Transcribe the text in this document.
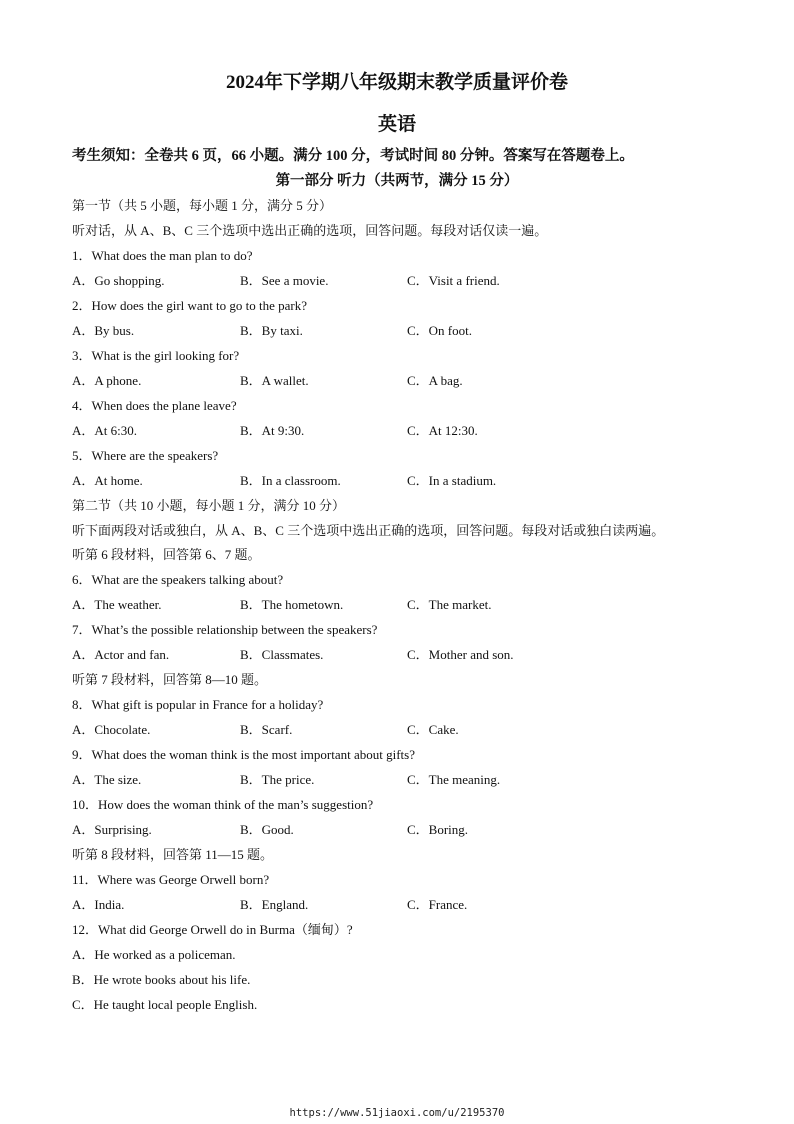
2024年下学期八年级期末教学质量评价卷
英语
考生须知：全卷共 6 页，66 小题。满分 100 分，考试时间 80 分钟。答案写在答题卷上。
第一部分 听力（共两节，满分 15 分）
第一节（共 5 小题，每小题 1 分，满分 5 分）
听对话，从 A、B、C 三个选项中选出正确的选项，回答问题。每段对话仅读一遍。
1．What does the man plan to do?
A．Go shopping.	B．See a movie.	C．Visit a friend.
2．How does the girl want to go to the park?
A．By bus.	B．By taxi.	C．On foot.
3．What is the girl looking for?
A．A phone.	B．A wallet.	C．A bag.
4．When does the plane leave?
A．At 6:30.	B．At 9:30.	C．At 12:30.
5．Where are the speakers?
A．At home.	B．In a classroom.	C．In a stadium.
第二节（共 10 小题，每小题 1 分，满分 10 分）
听下面两段对话或独白，从 A、B、C 三个选项中选出正确的选项，回答问题。每段对话或独白读两遍。
听第 6 段材料，回答第 6、7 题。
6．What are the speakers talking about?
A．The weather.	B．The hometown.	C．The market.
7．What’s the possible relationship between the speakers?
A．Actor and fan.	B．Classmates.	C．Mother and son.
听第 7 段材料，回答第 8—10 题。
8．What gift is popular in France for a holiday?
A．Chocolate.	B．Scarf.	C．Cake.
9．What does the woman think is the most important about gifts?
A．The size.	B．The price.	C．The meaning.
10．How does the woman think of the man’s suggestion?
A．Surprising.	B．Good.	C．Boring.
听第 8 段材料，回答第 11—15 题。
11．Where was George Orwell born?
A．India.	B．England.	C．France.
12．What did George Orwell do in Burma（缅甸）?
A．He worked as a policeman.
B．He wrote books about his life.
C．He taught local people English.
https://www.51jiaoxi.com/u/2195370
